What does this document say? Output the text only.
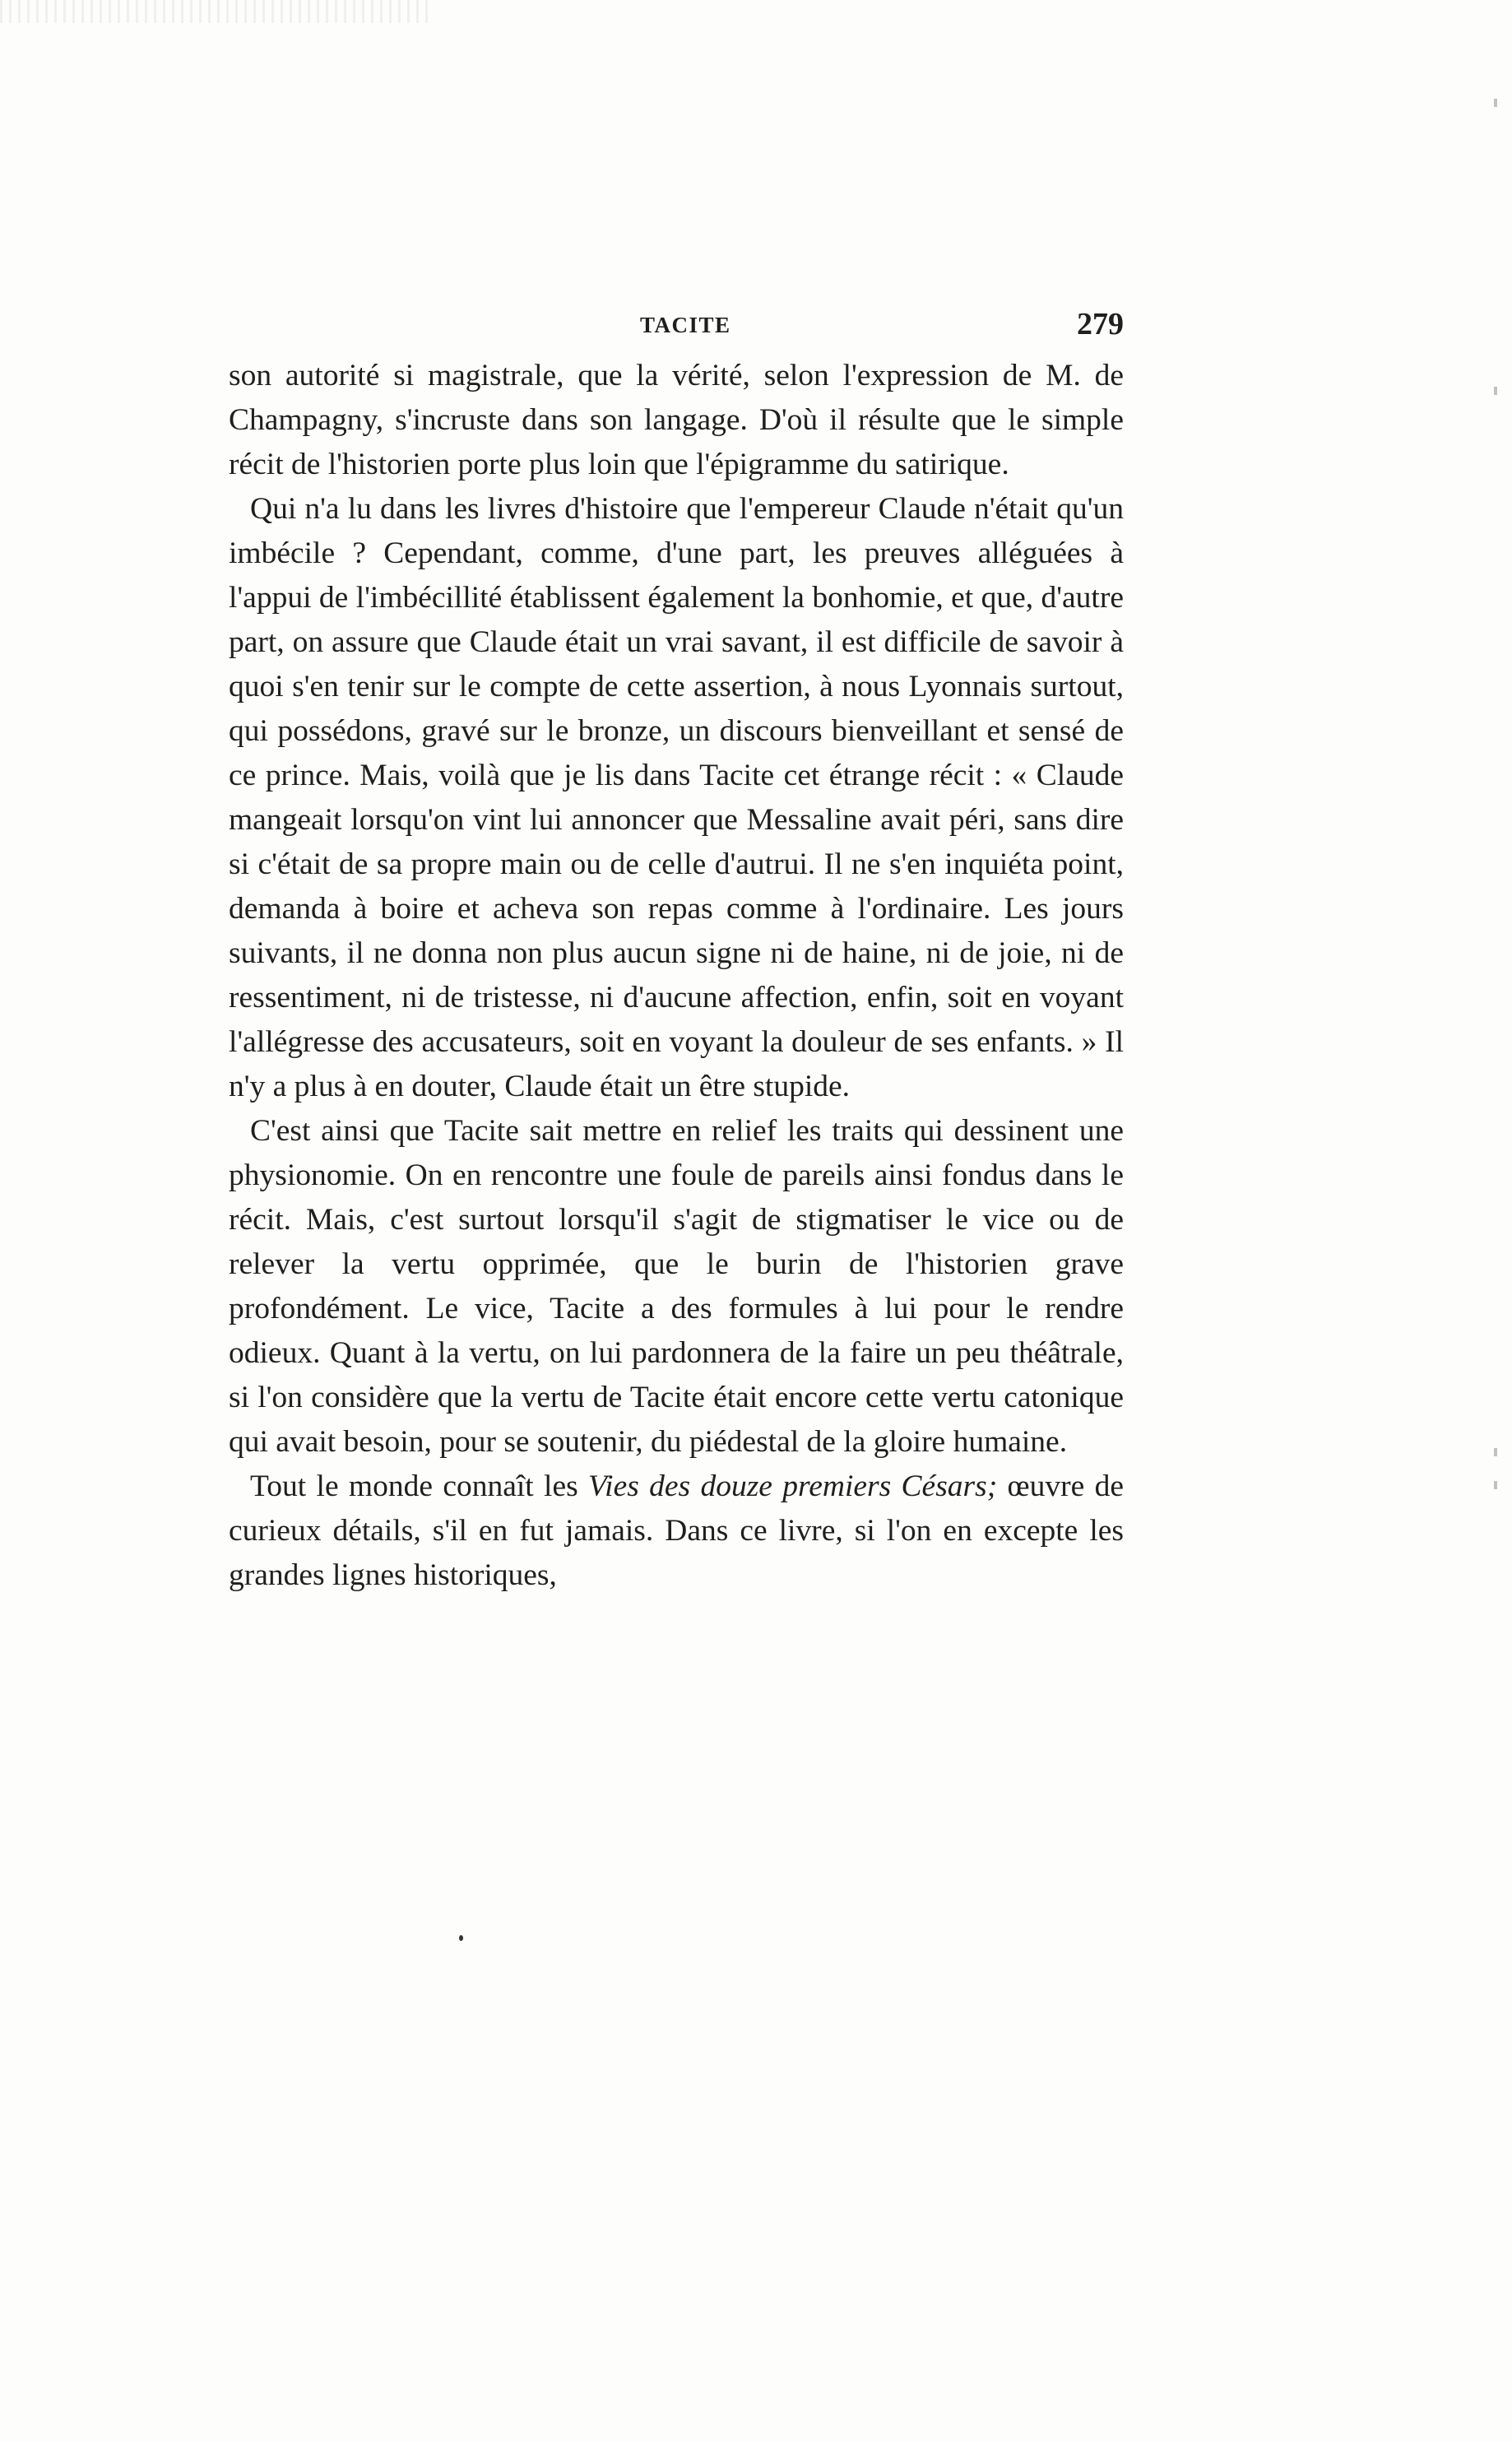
TACITE	279

son autorité si magistrale, que la vérité, selon l'expression de M. de Champagny, s'incruste dans son langage. D'où il résulte que le simple récit de l'historien porte plus loin que l'épigramme du satirique.

Qui n'a lu dans les livres d'histoire que l'empereur Claude n'était qu'un imbécile ? Cependant, comme, d'une part, les preuves alléguées à l'appui de l'imbécillité établissent également la bonhomie, et que, d'autre part, on assure que Claude était un vrai savant, il est difficile de savoir à quoi s'en tenir sur le compte de cette assertion, à nous Lyonnais surtout, qui possédons, gravé sur le bronze, un discours bienveillant et sensé de ce prince. Mais, voilà que je lis dans Tacite cet étrange récit : « Claude mangeait lorsqu'on vint lui annoncer que Messaline avait péri, sans dire si c'était de sa propre main ou de celle d'autrui. Il ne s'en inquiéta point, demanda à boire et acheva son repas comme à l'ordinaire. Les jours suivants, il ne donna non plus aucun signe ni de haine, ni de joie, ni de ressentiment, ni de tristesse, ni d'aucune affection, enfin, soit en voyant l'allégresse des accusateurs, soit en voyant la douleur de ses enfants. » Il n'y a plus à en douter, Claude était un être stupide.

C'est ainsi que Tacite sait mettre en relief les traits qui dessinent une physionomie. On en rencontre une foule de pareils ainsi fondus dans le récit. Mais, c'est surtout lorsqu'il s'agit de stigmatiser le vice ou de relever la vertu opprimée, que le burin de l'historien grave profondément. Le vice, Tacite a des formules à lui pour le rendre odieux. Quant à la vertu, on lui pardonnera de la faire un peu théâtrale, si l'on considère que la vertu de Tacite était encore cette vertu catonique qui avait besoin, pour se soutenir, du piédestal de la gloire humaine.

Tout le monde connaît les Vies des douze premiers Césars; œuvre de curieux détails, s'il en fut jamais. Dans ce livre, si l'on en excepte les grandes lignes historiques,
